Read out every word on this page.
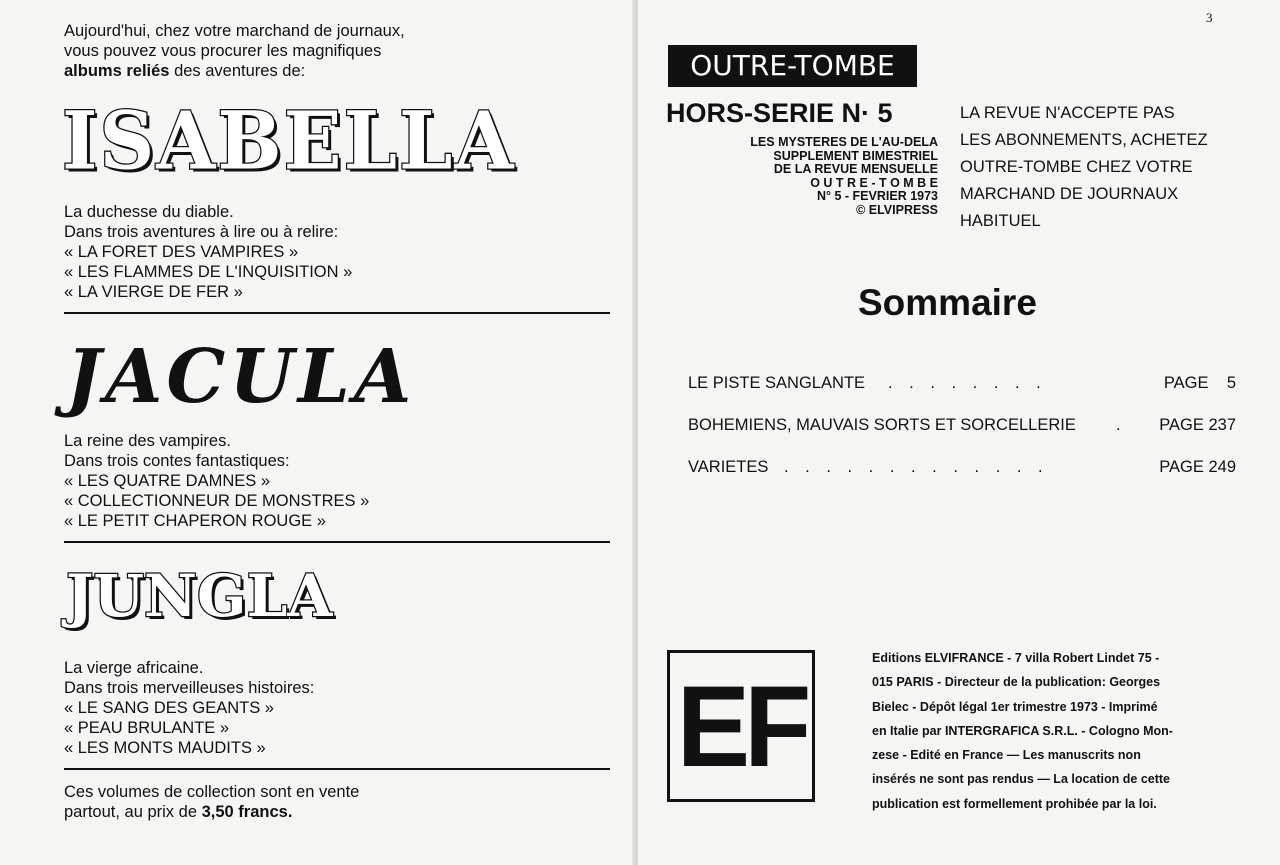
Aujourd'hui, chez votre marchand de journaux,
vous pouvez vous procurer les magnifiques
albums reliés des aventures de:
ISABELLA
La duchesse du diable.
Dans trois aventures à lire ou à relire:
« LA FORET DES VAMPIRES »
« LES FLAMMES DE L'INQUISITION »
« LA VIERGE DE FER »
JACULA
La reine des vampires.
Dans trois contes fantastiques:
« LES QUATRE DAMNES »
« COLLECTIONNEUR DE MONSTRES »
« LE PETIT CHAPERON ROUGE »
JUNGLA
La vierge africaine.
Dans trois merveilleuses histoires:
« LE SANG DES GEANTS »
« PEAU BRULANTE »
« LES MONTS MAUDITS »
Ces volumes de collection sont en vente
partout, au prix de 3,50 francs.
3
OUTRE-TOMBE
HORS-SERIE N· 5
LES MYSTERES DE L'AU-DELA
SUPPLEMENT BIMESTRIEL
DE LA REVUE MENSUELLE
O U T R E - T O M B E
N° 5 - FEVRIER 1973
© ELVIPRESS
LA REVUE N'ACCEPTE PAS
LES ABONNEMENTS, ACHETEZ
OUTRE-TOMBE CHEZ VOTRE
MARCHAND DE JOURNAUX
HABITUEL
Sommaire
LE PISTE SANGLANTE . . . . . . . .	PAGE    5
BOHEMIENS, MAUVAIS SORTS ET SORCELLERIE . PAGE 237
VARIETES . . . . . . . . . . . . .	PAGE 249
EF
Editions ELVIFRANCE - 7 villa Robert Lindet 75 -
015 PARIS - Directeur de la publication: Georges
Bielec - Dépôt légal 1er trimestre 1973 - Imprimé
en Italie par INTERGRAFICA S.R.L. - Cologno Mon-
zese - Edité en France — Les manuscrits non
insérés ne sont pas rendus — La location de cette
publication est formellement prohibée par la loi.
